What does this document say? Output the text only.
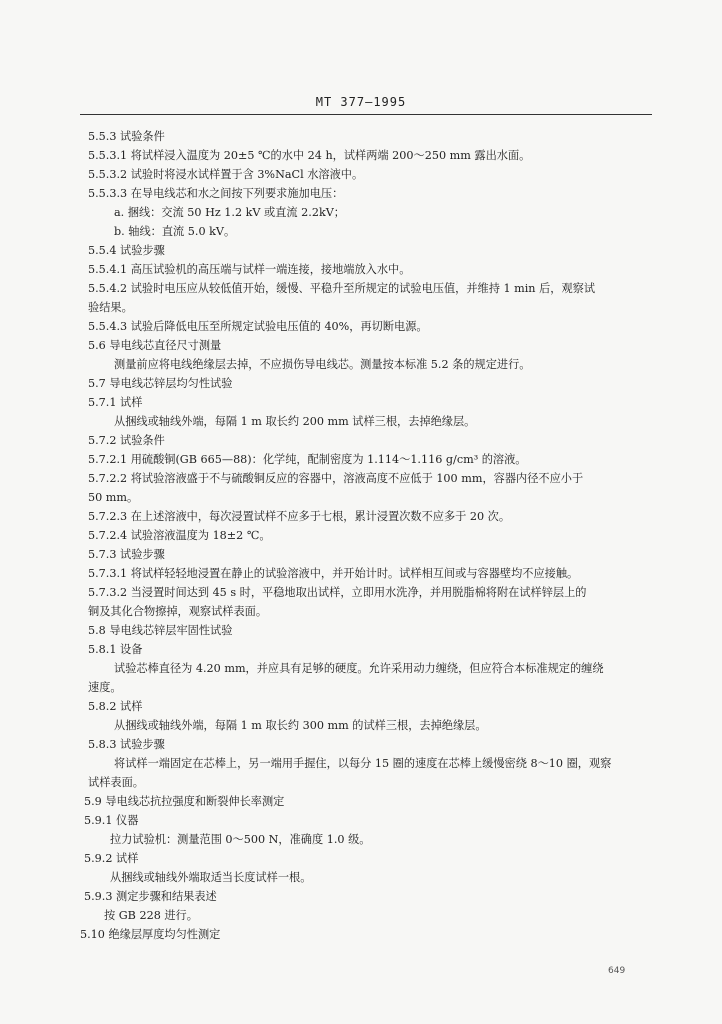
MT 377—1995
5.5.3 试验条件
5.5.3.1 将试样浸入温度为 20±5 ℃的水中 24 h，试样两端 200～250 mm 露出水面。
5.5.3.2 试验时将浸水试样置于含 3%NaCl 水溶液中。
5.5.3.3 在导电线芯和水之间按下列要求施加电压：
a. 捆线：交流 50 Hz 1.2 kV 或直流 2.2kV；
b. 轴线：直流 5.0 kV。
5.5.4 试验步骤
5.5.4.1 高压试验机的高压端与试样一端连接，接地端放入水中。
5.5.4.2 试验时电压应从较低值开始，缓慢、平稳升至所规定的试验电压值，并维持 1 min 后，观察试
验结果。
5.5.4.3 试验后降低电压至所规定试验电压值的 40%，再切断电源。
5.6 导电线芯直径尺寸测量
测量前应将电线绝缘层去掉，不应损伤导电线芯。测量按本标准 5.2 条的规定进行。
5.7 导电线芯锌层均匀性试验
5.7.1 试样
从捆线或轴线外端，每隔 1 m 取长约 200 mm 试样三根，去掉绝缘层。
5.7.2 试验条件
5.7.2.1 用硫酸铜(GB 665—88)：化学纯，配制密度为 1.114～1.116 g/cm³ 的溶液。
5.7.2.2 将试验溶液盛于不与硫酸铜反应的容器中，溶液高度不应低于 100 mm，容器内径不应小于
50 mm。
5.7.2.3 在上述溶液中，每次浸置试样不应多于七根，累计浸置次数不应多于 20 次。
5.7.2.4 试验溶液温度为 18±2 ℃。
5.7.3 试验步骤
5.7.3.1 将试样轻轻地浸置在静止的试验溶液中，并开始计时。试样相互间或与容器壁均不应接触。
5.7.3.2 当浸置时间达到 45 s 时，平稳地取出试样，立即用水洗净，并用脱脂棉将附在试样锌层上的
铜及其化合物擦掉，观察试样表面。
5.8 导电线芯锌层牢固性试验
5.8.1 设备
试验芯棒直径为 4.20 mm，并应具有足够的硬度。允许采用动力缠绕，但应符合本标准规定的缠绕
速度。
5.8.2 试样
从捆线或轴线外端，每隔 1 m 取长约 300 mm 的试样三根，去掉绝缘层。
5.8.3 试验步骤
将试样一端固定在芯棒上，另一端用手握住，以每分 15 圈的速度在芯棒上缓慢密绕 8～10 圈，观察
试样表面。
5.9 导电线芯抗拉强度和断裂伸长率测定
5.9.1 仪器
拉力试验机：测量范围 0～500 N，准确度 1.0 级。
5.9.2 试样
从捆线或轴线外端取适当长度试样一根。
5.9.3 测定步骤和结果表述
按 GB 228 进行。
5.10 绝缘层厚度均匀性测定
649
